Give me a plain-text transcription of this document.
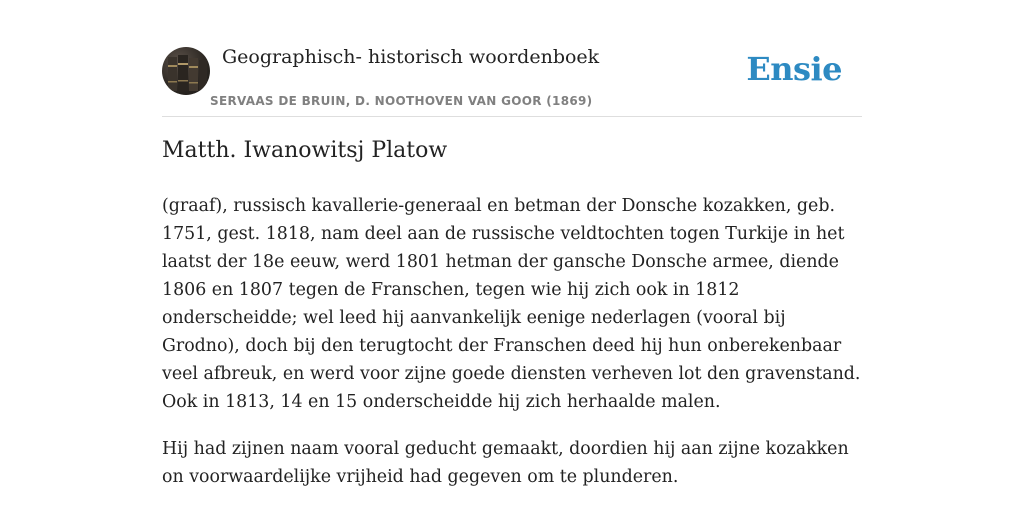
Geographisch- historisch woordenboek
SERVAAS DE BRUIN, D. NOOTHOVEN VAN GOOR (1869)
Ensie
Matth. Iwanowitsj Platow

(graaf), russisch kavallerie-generaal en betman der Donsche kozakken, geb. 1751, gest. 1818, nam deel aan de russische veldtochten togen Turkije in het laatst der 18e eeuw, werd 1801 hetman der gansche Donsche armee, diende 1806 en 1807 tegen de Franschen, tegen wie hij zich ook in 1812 onderscheidde; wel leed hij aanvankelijk eenige nederlagen (vooral bij Grodno), doch bij den terugtocht der Franschen deed hij hun onberekenbaar veel afbreuk, en werd voor zijne goede diensten verheven lot den gravenstand. Ook in 1813, 14 en 15 onderscheidde hij zich herhaalde malen.

Hij had zijnen naam vooral geducht gemaakt, doordien hij aan zijne kozakken on voorwaardelijke vrijheid had gegeven om te plunderen.
